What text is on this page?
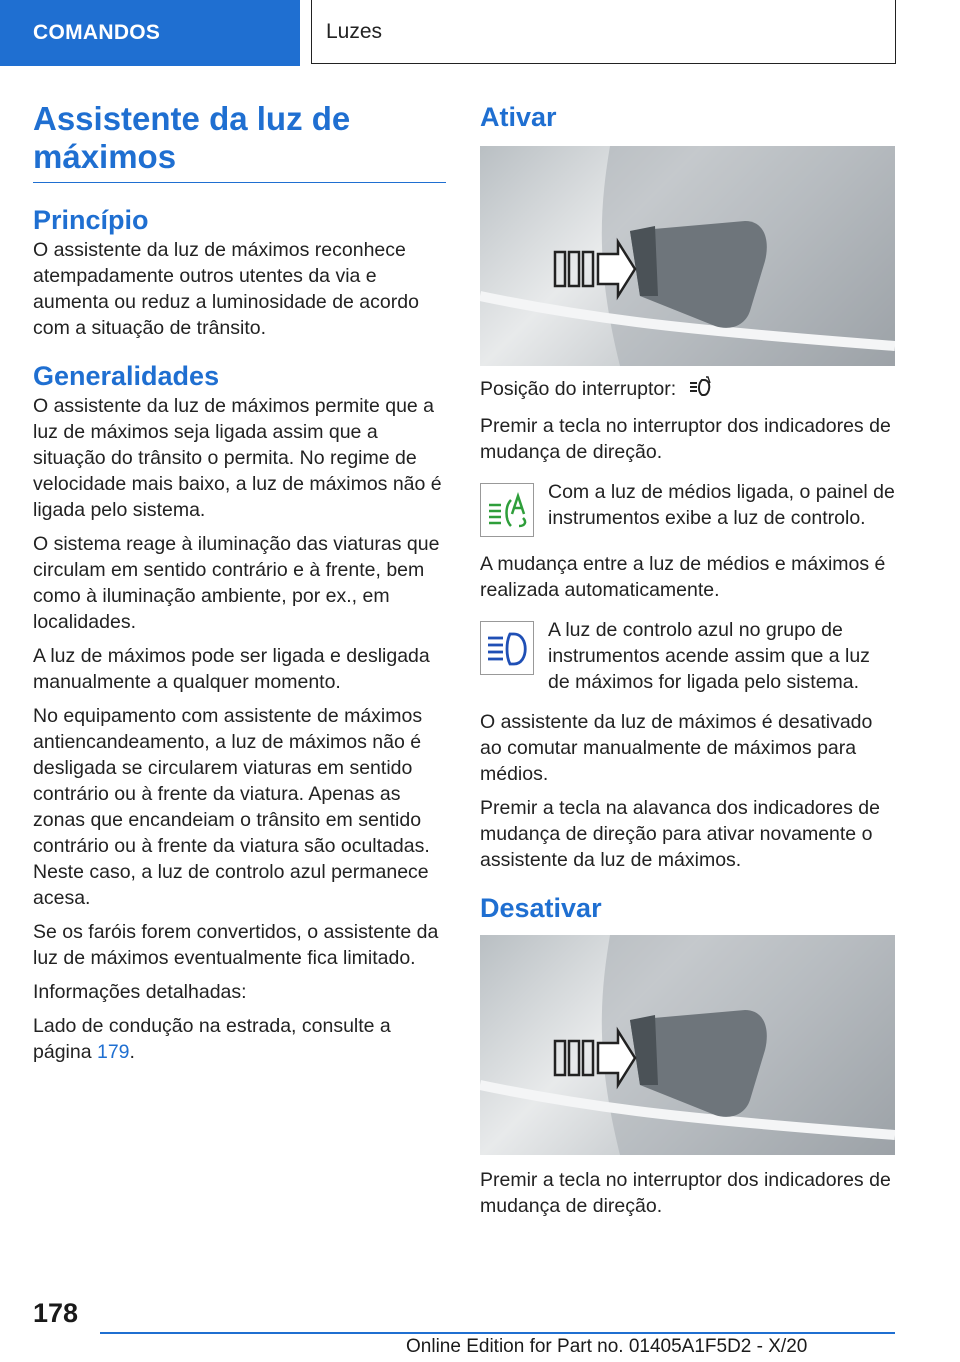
COMANDOS	Luzes
Assistente da luz de máximos
Princípio

O assistente da luz de máximos reconhece atempadamente outros utentes da via e aumenta ou reduz a luminosidade de acordo com a situação de trânsito.

Generalidades

O assistente da luz de máximos permite que a luz de máximos seja ligada assim que a situação do trânsito o permita. No regime de velocidade mais baixo, a luz de máximos não é ligada pelo sistema.

O sistema reage à iluminação das viaturas que circulam em sentido contrário e à frente, bem como à iluminação ambiente, por ex., em localidades.

A luz de máximos pode ser ligada e desligada manualmente a qualquer momento.

No equipamento com assistente de máximos antiencandeamento, a luz de máximos não é desligada se circularem viaturas em sentido contrário ou à frente da viatura. Apenas as zonas que encandeiam o trânsito em sentido contrário ou à frente da viatura são ocultadas. Neste caso, a luz de controlo azul permanece acesa.

Se os faróis forem convertidos, o assistente da luz de máximos eventualmente fica limitado.

Informações detalhadas:

Lado de condução na estrada, consulte a página 179.

Ativar

Posição do interruptor:

Premir a tecla no interruptor dos indicadores de mudança de direção.

Com a luz de médios ligada, o painel de instrumentos exibe a luz de controlo.

A mudança entre a luz de médios e máximos é realizada automaticamente.

A luz de controlo azul no grupo de instrumentos acende assim que a luz de máximos for ligada pelo sistema.

O assistente da luz de máximos é desativado ao comutar manualmente de máximos para médios.

Premir a tecla na alavanca dos indicadores de mudança de direção para ativar novamente o assistente da luz de máximos.

Desativar

Premir a tecla no interruptor dos indicadores de mudança de direção.

178
Online Edition for Part no. 01405A1F5D2 - X/20
